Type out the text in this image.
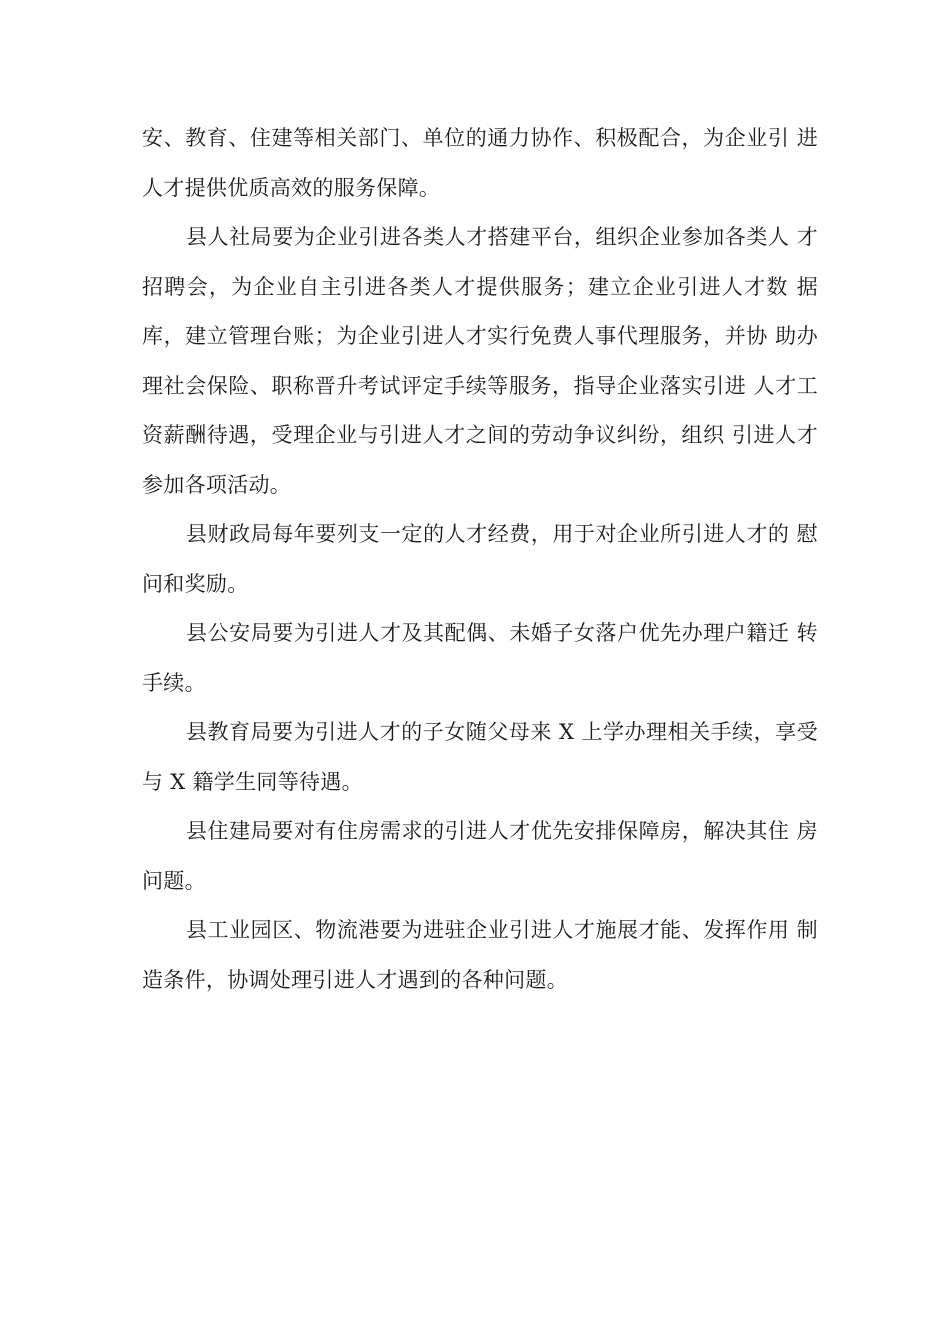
安、教育、住建等相关部门、单位的通力协作、积极配合，为企业引 进人才提供优质高效的服务保障。

县人社局要为企业引进各类人才搭建平台，组织企业参加各类人 才招聘会，为企业自主引进各类人才提供服务；建立企业引进人才数 据库，建立管理台账；为企业引进人才实行免费人事代理服务，并协 助办理社会保险、职称晋升考试评定手续等服务，指导企业落实引进 人才工资薪酬待遇，受理企业与引进人才之间的劳动争议纠纷，组织 引进人才参加各项活动。

县财政局每年要列支一定的人才经费，用于对企业所引进人才的 慰问和奖励。

县公安局要为引进人才及其配偶、未婚子女落户优先办理户籍迁 转手续。

县教育局要为引进人才的子女随父母来 X 上学办理相关手续，享受与 X 籍学生同等待遇。

县住建局要对有住房需求的引进人才优先安排保障房，解决其住 房问题。

县工业园区、物流港要为进驻企业引进人才施展才能、发挥作用 制造条件，协调处理引进人才遇到的各种问题。
